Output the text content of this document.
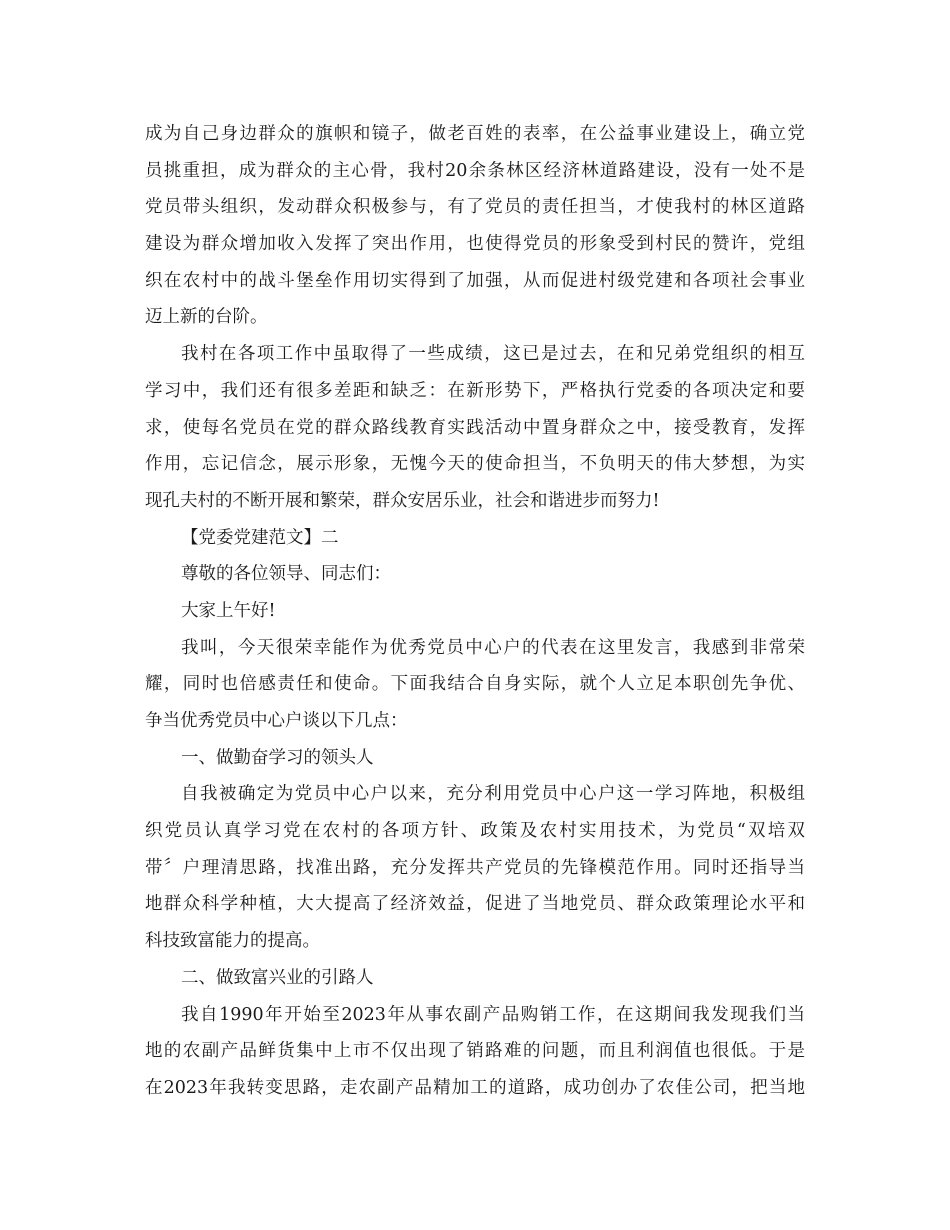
成为自己身边群众的旗帜和镜子，做老百姓的表率，在公益事业建设上，确立党
员挑重担，成为群众的主心骨，我村20余条林区经济林道路建设，没有一处不是
党员带头组织，发动群众积极参与，有了党员的责任担当，才使我村的林区道路
建设为群众增加收入发挥了突出作用，也使得党员的形象受到村民的赞许，党组
织在农村中的战斗堡垒作用切实得到了加强，从而促进村级党建和各项社会事业
迈上新的台阶。
我村在各项工作中虽取得了一些成绩，这已是过去，在和兄弟党组织的相互
学习中，我们还有很多差距和缺乏：在新形势下，严格执行党委的各项决定和要
求，使每名党员在党的群众路线教育实践活动中置身群众之中，接受教育，发挥
作用，忘记信念，展示形象，无愧今天的使命担当，不负明天的伟大梦想，为实
现孔夫村的不断开展和繁荣，群众安居乐业，社会和谐进步而努力!
【党委党建范文】二
尊敬的各位领导、同志们：
大家上午好!
我叫，今天很荣幸能作为优秀党员中心户的代表在这里发言，我感到非常荣
耀，同时也倍感责任和使命。下面我结合自身实际，就个人立足本职创先争优、
争当优秀党员中心户谈以下几点：
一、做勤奋学习的领头人
自我被确定为党员中心户以来，充分利用党员中心户这一学习阵地，积极组
织党员认真学习党在农村的各项方针、政策及农村实用技术，为党员“双培双
带〞户理清思路，找准出路，充分发挥共产党员的先锋模范作用。同时还指导当
地群众科学种植，大大提高了经济效益，促进了当地党员、群众政策理论水平和
科技致富能力的提高。
二、做致富兴业的引路人
我自1990年开始至2023年从事农副产品购销工作，在这期间我发现我们当
地的农副产品鲜货集中上市不仅出现了销路难的问题，而且利润值也很低。于是
在2023年我转变思路，走农副产品精加工的道路，成功创办了农佳公司，把当地
